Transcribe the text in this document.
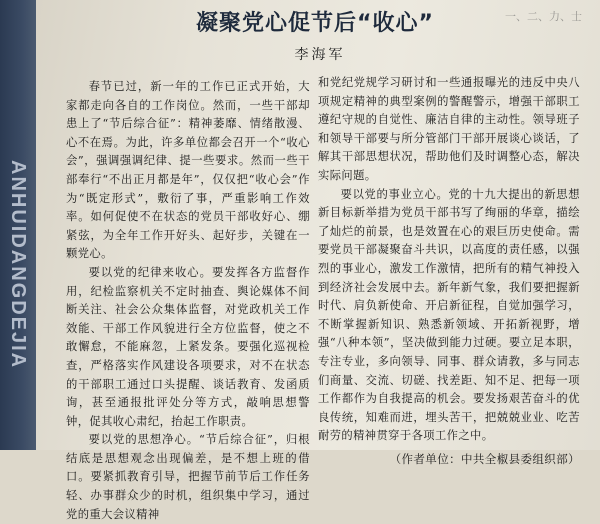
ANHUIDANGDEJIA
一、二、力、士
凝聚党心促节后“收心”
李海军

春节已过，新一年的工作已正式开始，大家都走向各自的工作岗位。然而，一些干部却患上了“节后综合征”：精神萎靡、情绪散漫、心不在焉。为此，许多单位都会召开一个“收心会”，强调强调纪律、提一些要求。然而一些干部奉行“不出正月都是年”，仅仅把“收心会”作为“既定形式”，敷衍了事，严重影响工作效率。如何促使不在状态的党员干部收好心、绷紧弦，为全年工作开好头、起好步，关键在一颗党心。

要以党的纪律来收心。要发挥各方监督作用，纪检监察机关不定时抽查、舆论媒体不间断关注、社会公众集体监督，对党政机关工作效能、干部工作风貌进行全方位监督，使之不敢懈怠，不能麻忽，上紧发条。要强化巡视检查，严格落实作风建设各项要求，对不在状态的干部职工通过口头提醒、谈话教育、发函质询，甚至通报批评处分等方式，敲响思想警钟，促其收心肃纪，抬起工作职责。

要以党的思想净心。“节后综合征”，归根结底是思想观念出现偏差，是不想上班的借口。要紧抓教育引导，把握节前节后工作任务轻、办事群众少的时机，组织集中学习，通过党的重大会议精神

和党纪党规学习研讨和一些通报曝光的违反中央八项规定精神的典型案例的警醒警示，增强干部职工遵纪守规的自觉性、廉洁自律的主动性。领导班子和领导干部要与所分管部门干部开展谈心谈话，了解其干部思想状况，帮助他们及时调整心态，解决实际问题。

要以党的事业立心。党的十九大提出的新思想新目标新举措为党员干部书写了绚丽的华章，描绘了灿烂的前景，也是效置在心的艰巨历史使命。需要党员干部凝聚奋斗共识，以高度的责任感，以强烈的事业心，激发工作激情，把所有的精气神投入到经济社会发展中去。新年新气象，我们要把握新时代、肩负新使命、开启新征程，自觉加强学习，不断掌握新知识、熟悉新领域、开拓新视野，增强“八种本领”，坚决做到能力过硬。要立足本职，专注专业，多向领导、同事、群众请教，多与同志们商量、交流、切磋、找差距、知不足、把每一项工作都作为自我提高的机会。要发扬艰苦奋斗的优良传统，知难而进，埋头苦干，把兢兢业业、吃苦耐劳的精神贯穿于各项工作之中。

（作者单位：中共全椒县委组织部）
